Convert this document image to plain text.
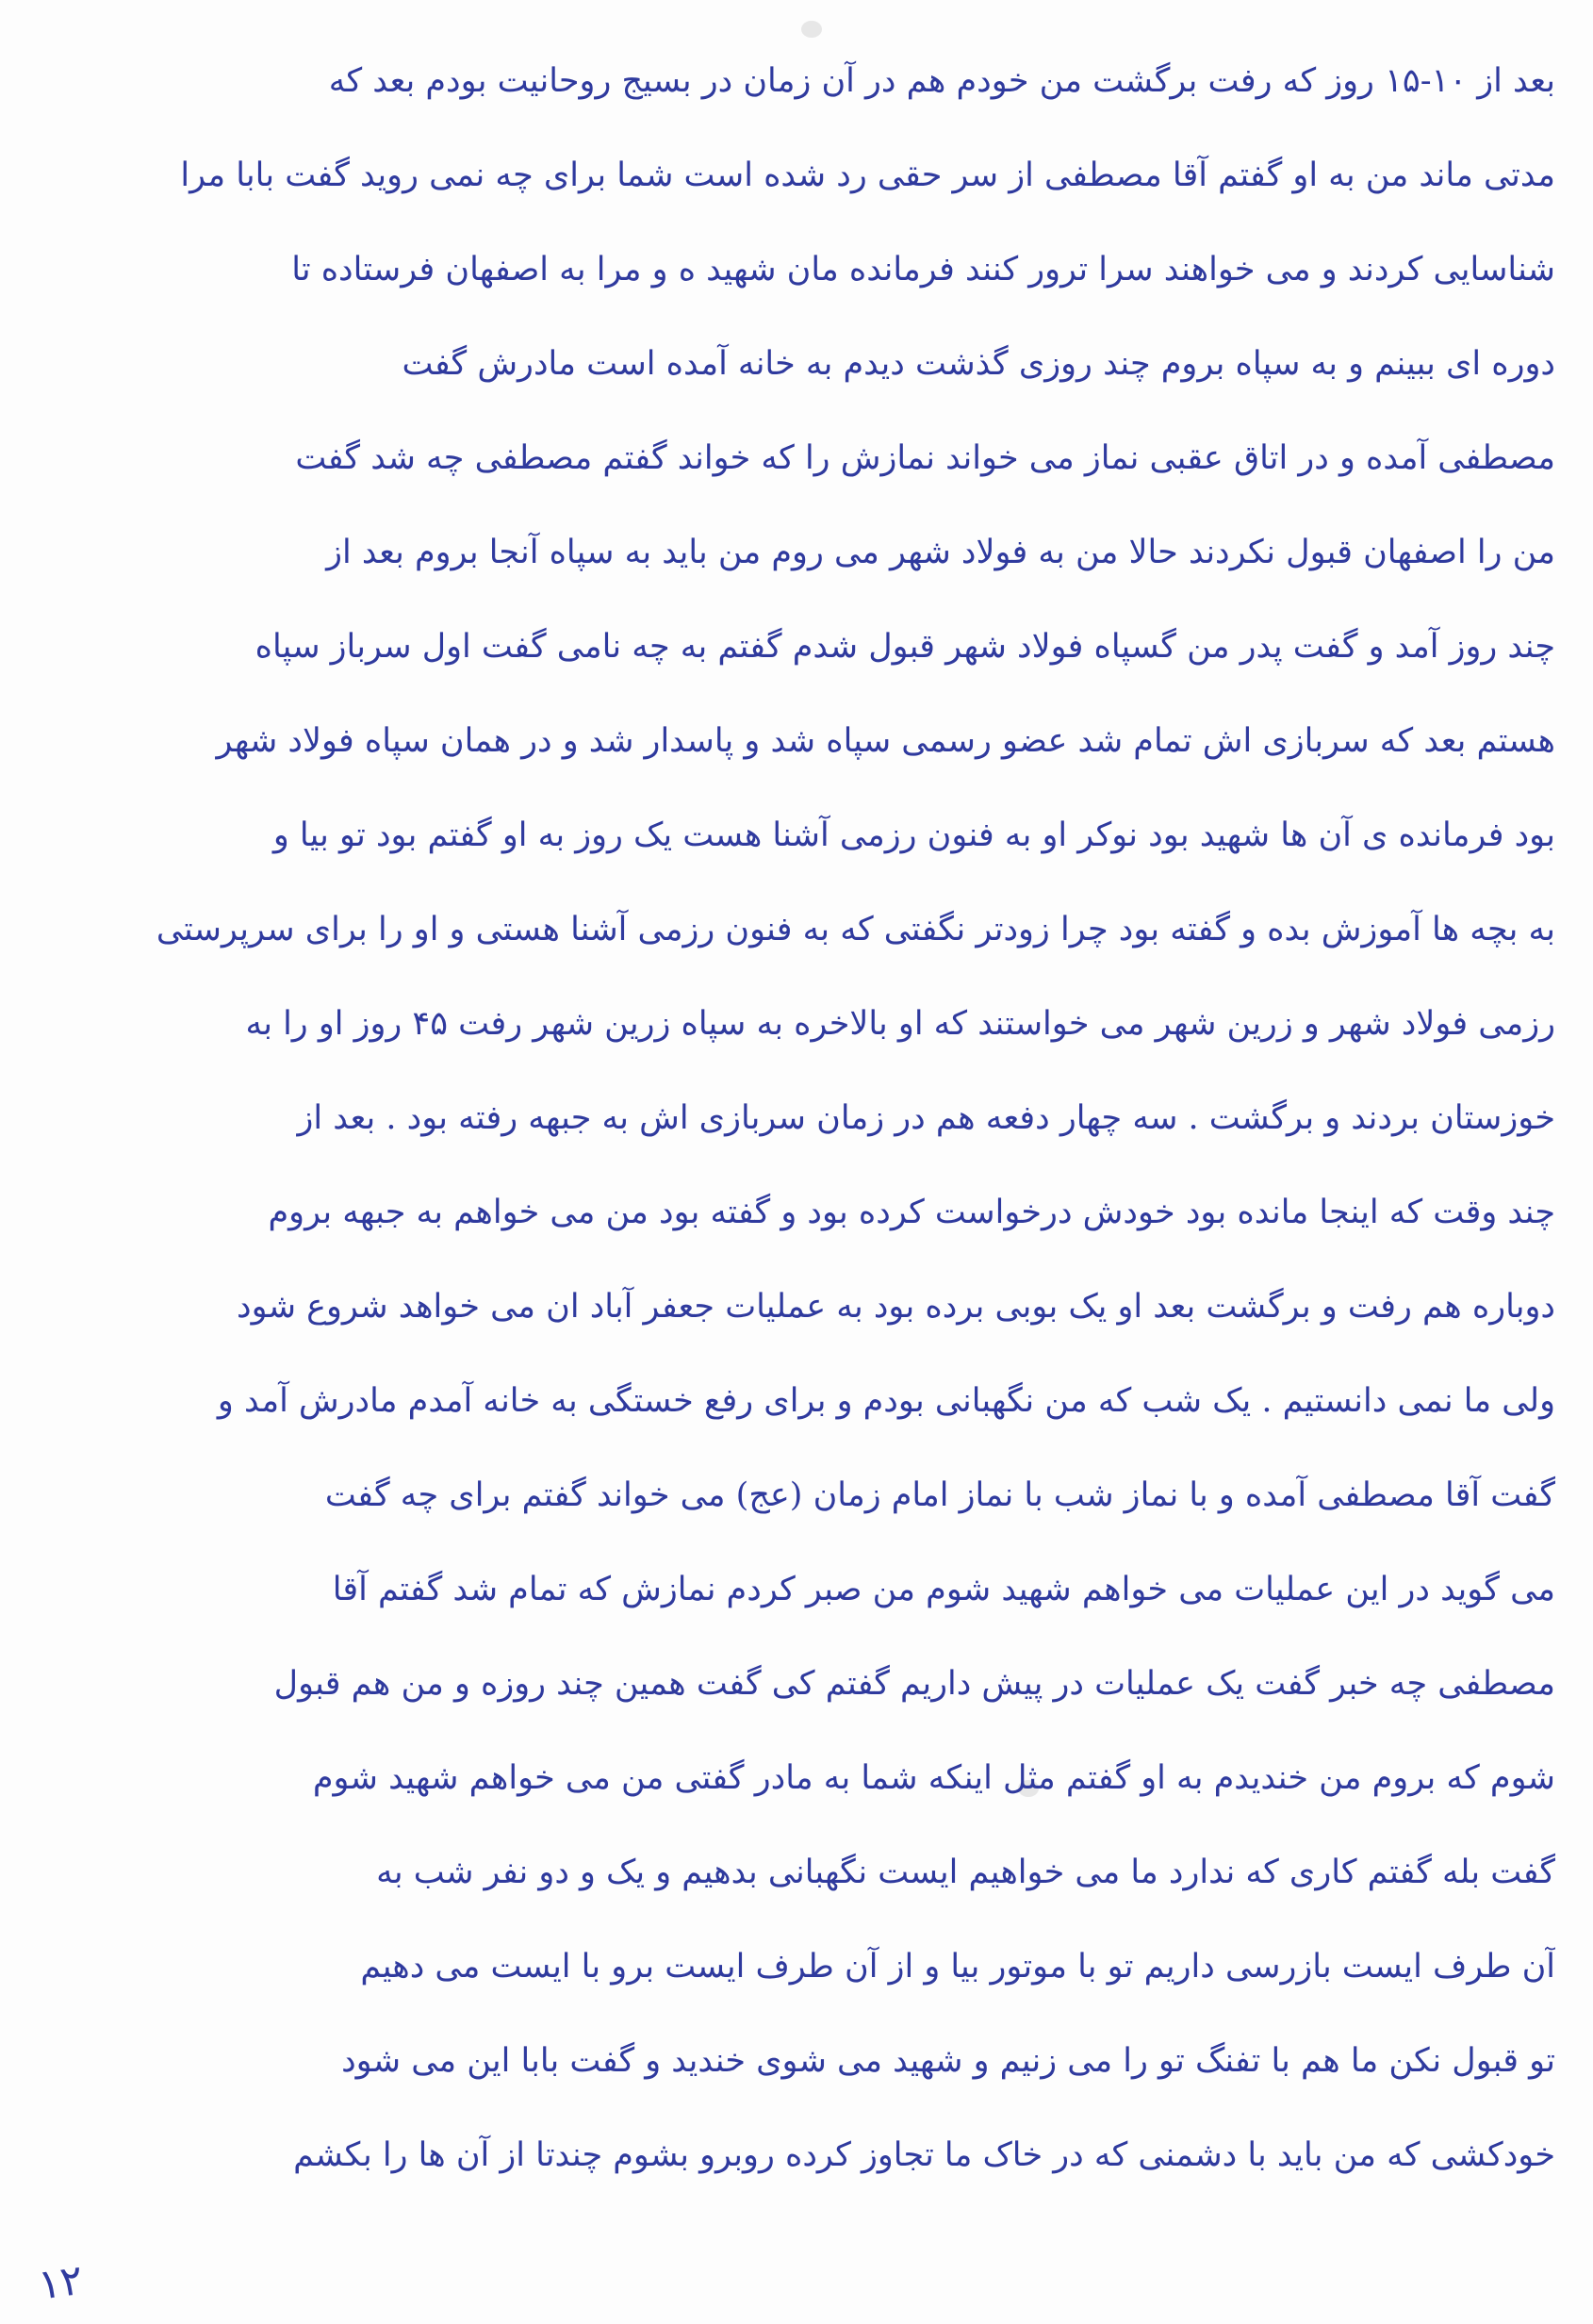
بعد از ۱۰-۱۵ روز که رفت برگشت من خودم هم در آن زمان در بسیج روحانیت بودم بعد که
مدتی ماند من به او گفتم آقا مصطفی از سر حقی رد شده است شما برای چه نمی روید گفت بابا مرا
شناسایی کردند و می خواهند سرا ترور کنند فرمانده مان شهید ه و مرا به اصفهان فرستاده تا
دوره ای ببینم و به سپاه بروم چند روزی گذشت دیدم به خانه آمده است مادرش گفت
مصطفی آمده و در اتاق عقبی نماز می خواند نمازش را که خواند گفتم مصطفی چه شد گفت
من را اصفهان قبول نکردند حالا من به فولاد شهر می روم من باید به سپاه آنجا بروم بعد از
چند روز آمد و گفت پدر من گسپاه فولاد شهر قبول شدم گفتم به چه نامی گفت اول سرباز سپاه
هستم بعد که سربازی اش تمام شد عضو رسمی سپاه شد و پاسدار شد و در همان سپاه فولاد شهر
بود فرمانده ی آن ها شهید بود نوکر او به فنون رزمی آشنا هست یک روز به او گفتم بود تو بیا و
به بچه ها آموزش بده و گفته بود چرا زودتر نگفتی که به فنون رزمی آشنا هستی و او را برای سرپرستی
رزمی فولاد شهر و زرین شهر می خواستند که او بالاخره به سپاه زرین شهر رفت ۴۵ روز او را به
خوزستان بردند و برگشت . سه چهار دفعه هم در زمان سربازی اش به جبهه رفته بود . بعد از
چند وقت که اینجا مانده بود خودش درخواست کرده بود و گفته بود من می خواهم به جبهه بروم
دوباره هم رفت و برگشت بعد او یک بوبی برده بود به عملیات جعفر آباد ان می خواهد شروع شود
ولی ما نمی دانستیم . یک شب که من نگهبانی بودم و برای رفع خستگی به خانه آمدم مادرش آمد و
گفت آقا مصطفی آمده و با نماز شب با نماز امام زمان (عج) می خواند گفتم برای چه گفت
می گوید در این عملیات می خواهم شهید شوم من صبر کردم نمازش که تمام شد گفتم آقا
مصطفی چه خبر گفت یک عملیات در پیش داریم گفتم کی گفت همین چند روزه و من هم قبول
شوم که بروم من خندیدم به او گفتم مثل اینکه شما به مادر گفتی من می خواهم شهید شوم
گفت بله گفتم کاری که ندارد ما می خواهیم ایست نگهبانی بدهیم و یک و دو نفر شب به
آن طرف ایست بازرسی داریم تو با موتور بیا و از آن طرف ایست برو با ایست می دهیم
تو قبول نکن ما هم با تفنگ تو را می زنیم و شهید می شوی خندید و گفت بابا این می شود
خودکشی که من باید با دشمنی که در خاک ما تجاوز کرده روبرو بشوم چندتا از آن ها را بکشم
۱۲
